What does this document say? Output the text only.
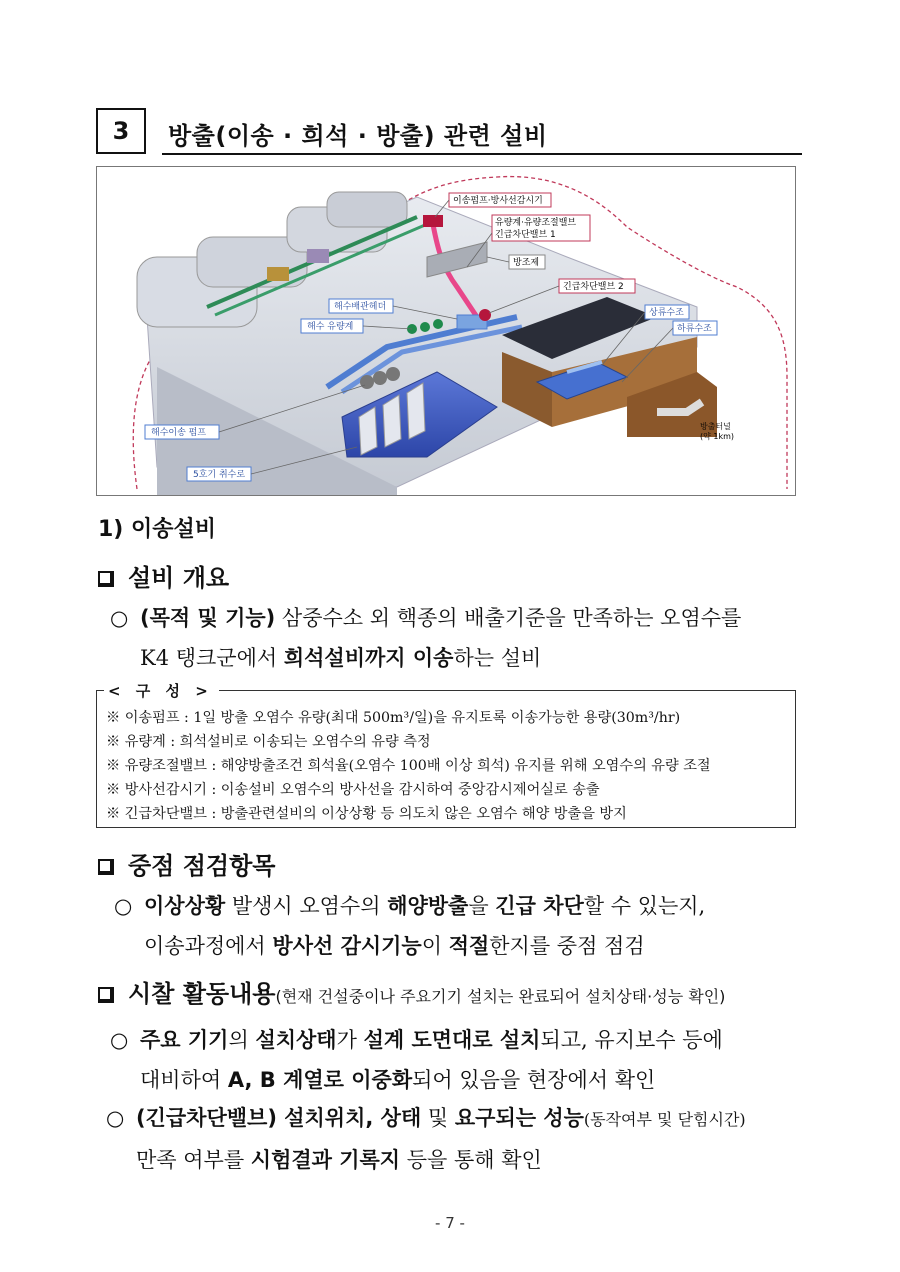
3	방출(이송 · 희석 · 방출) 관련 설비
이송펌프·방사선감시기
유량계·유량조절밸브
긴급차단밸브 1
방조제
긴급차단밸브 2
해수배관헤더
상류수조
해수 유량계	하류수조
방출터널
(약 1km)
해수이송 펌프
5호기 취수로
1) 이송설비
설비 개요
○ (목적 및 기능) 삼중수소 외 핵종의 배출기준을 만족하는 오염수를
K4 탱크군에서 희석설비까지 이송하는 설비
< 구 성 >
※ 이송펌프 : 1일 방출 오염수 유량(최대 500m³/일)을 유지토록 이송가능한 용량(30m³/hr)
※ 유량계 : 희석설비로 이송되는 오염수의 유량 측정
※ 유량조절밸브 : 해양방출조건 희석율(오염수 100배 이상 희석) 유지를 위해 오염수의 유량 조절
※ 방사선감시기 : 이송설비 오염수의 방사선을 감시하여 중앙감시제어실로 송출
※ 긴급차단밸브 : 방출관련설비의 이상상황 등 의도치 않은 오염수 해양 방출을 방지
중점 점검항목
○ 이상상황 발생시 오염수의 해양방출을 긴급 차단할 수 있는지,
이송과정에서 방사선 감시기능이 적절한지를 중점 점검
시찰 활동내용(현재 건설중이나 주요기기 설치는 완료되어 설치상태·성능 확인)
○ 주요 기기의 설치상태가 설계 도면대로 설치되고, 유지보수 등에
대비하여 A, B 계열로 이중화되어 있음을 현장에서 확인
○ (긴급차단밸브) 설치위치, 상태 및 요구되는 성능(동작여부 및 닫힘시간)
만족 여부를 시험결과 기록지 등을 통해 확인
- 7 -
